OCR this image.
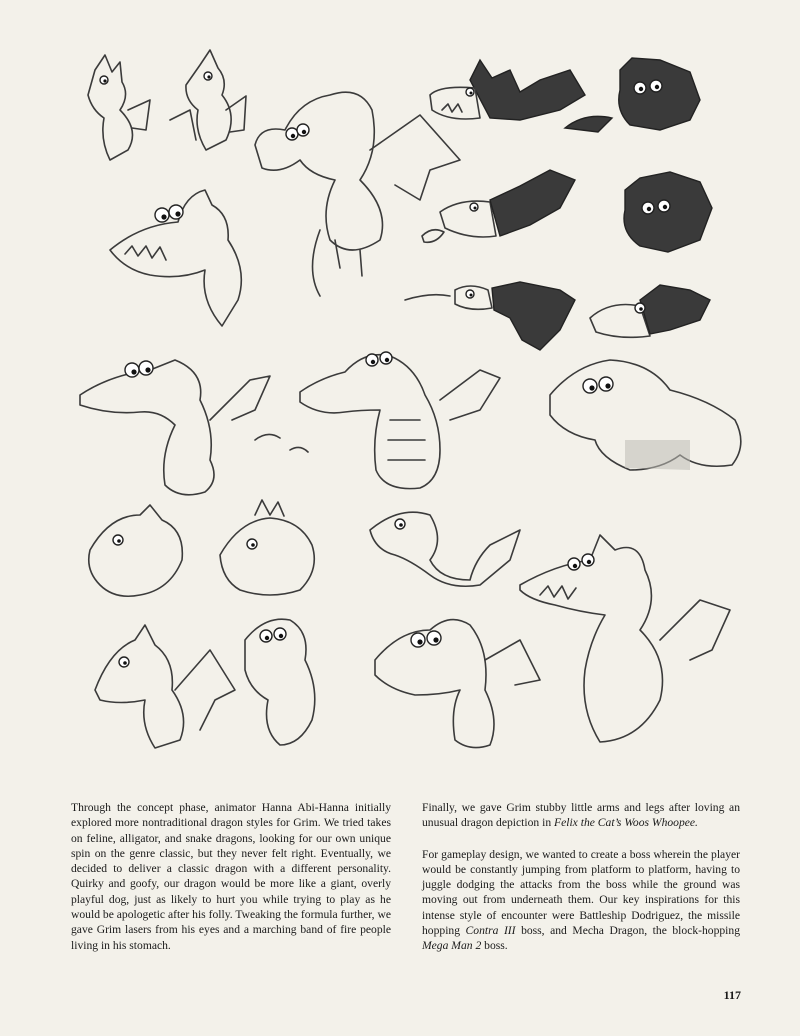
Through the concept phase, animator Hanna Abi-Hanna initially explored more nontraditional dragon styles for Grim. We tried takes on feline, alligator, and snake dragons, looking for our own unique spin on the genre classic, but they never felt right. Eventually, we decided to deliver a classic dragon with a different personality. Quirky and goofy, our dragon would be more like a giant, overly playful dog, just as likely to hurt you while trying to play as he would be apologetic after his folly. Tweaking the formula further, we gave Grim lasers from his eyes and a marching band of fire people living in his stomach.

Finally, we gave Grim stubby little arms and legs after loving an unusual dragon depiction in Felix the Cat’s Woos Whoopee.

For gameplay design, we wanted to create a boss wherein the player would be constantly jumping from platform to platform, having to juggle dodging the attacks from the boss while the ground was moving out from underneath them. Our key inspirations for this intense style of encounter were Battleship Dodriguez, the missile hopping Contra III boss, and Mecha Dragon, the block-hopping Mega Man 2 boss.

117
